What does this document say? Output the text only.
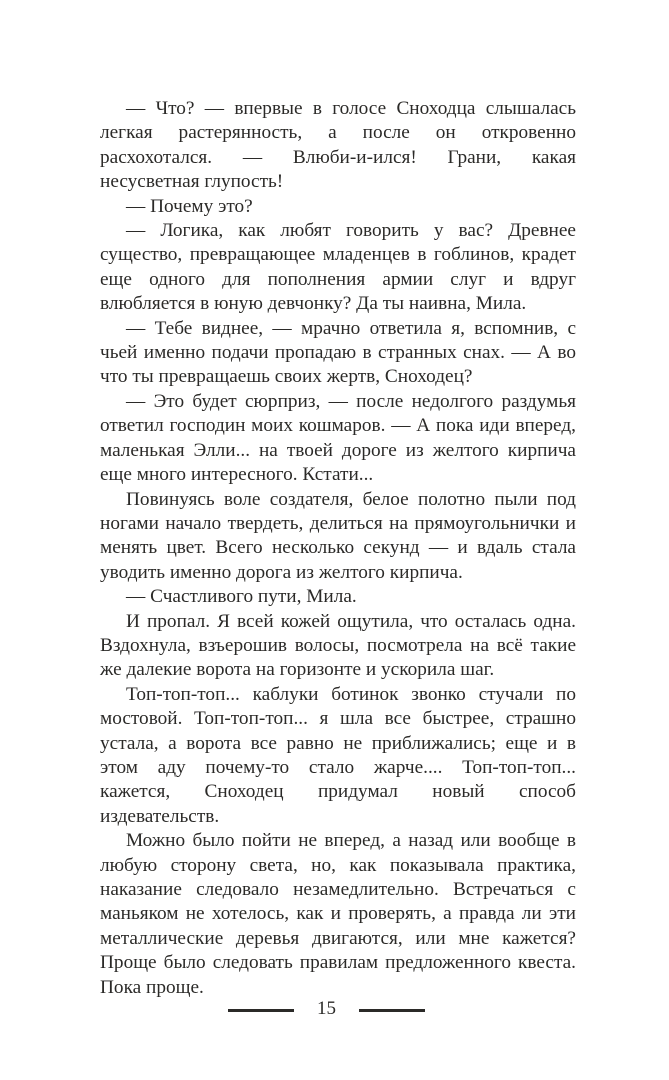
— Что? — впервые в голосе Сноходца слышалась легкая растерянность, а после он откровенно расхохотался. — Влюби-и-ился! Грани, какая несусветная глупость!

— Почему это?

— Логика, как любят говорить у вас? Древнее существо, превращающее младенцев в гоблинов, крадет еще одного для пополнения армии слуг и вдруг влюбляется в юную девчонку? Да ты наивна, Мила.

— Тебе виднее, — мрачно ответила я, вспомнив, с чьей именно подачи пропадаю в странных снах. — А во что ты превращаешь своих жертв, Сноходец?

— Это будет сюрприз, — после недолгого раздумья ответил господин моих кошмаров. — А пока иди вперед, маленькая Элли... на твоей дороге из желтого кирпича еще много интересного. Кстати...

Повинуясь воле создателя, белое полотно пыли под ногами начало твердеть, делиться на прямоугольнички и менять цвет. Всего несколько секунд — и вдаль стала уводить именно дорога из желтого кирпича.

— Счастливого пути, Мила.

И пропал. Я всей кожей ощутила, что осталась одна. Вздохнула, взъерошив волосы, посмотрела на всё такие же далекие ворота на горизонте и ускорила шаг.

Топ-топ-топ... каблуки ботинок звонко стучали по мостовой. Топ-топ-топ... я шла все быстрее, страшно устала, а ворота все равно не приближались; еще и в этом аду почему-то стало жарче.... Топ-топ-топ... кажется, Сноходец придумал новый способ издевательств.

Можно было пойти не вперед, а назад или вообще в любую сторону света, но, как показывала практика, наказание следовало незамедлительно. Встречаться с маньяком не хотелось, как и проверять, а правда ли эти металлические деревья двигаются, или мне кажется? Проще было следовать правилам предложенного квеста. Пока проще.

15
